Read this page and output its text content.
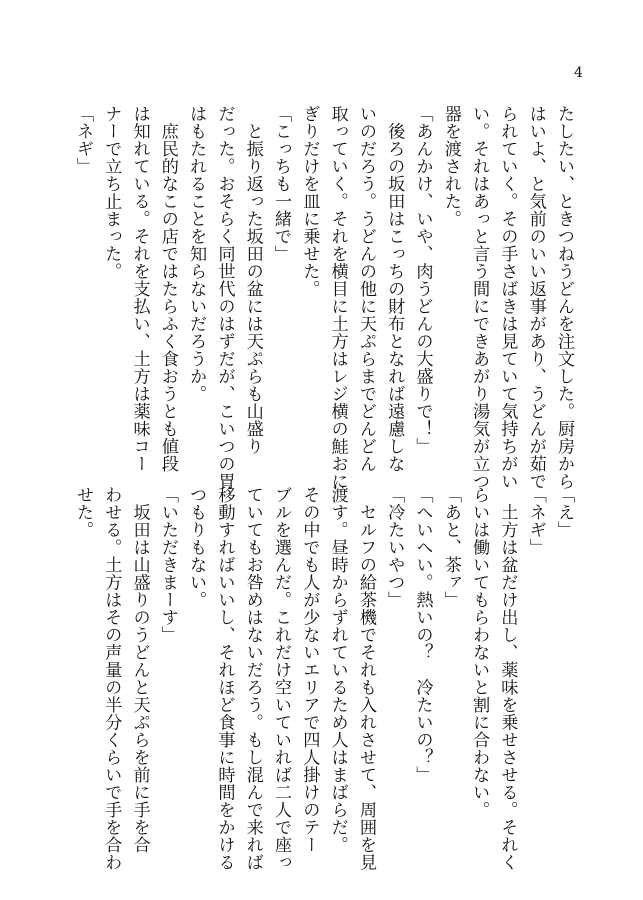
4
たしたい、ときつねうどんを注文した。厨房から
はいよ、と気前のいい返事があり、うどんが茹で
られていく。その手さばきは見ていて気持ちがい
い。それはあっと言う間にできあがり湯気が立つ
器を渡された。
「あんかけ、いや、肉うどんの大盛りで！」
　後ろの坂田はこっちの財布となれば遠慮しな
いのだろう。うどんの他に天ぷらまでどんどん
取っていく。それを横目に土方はレジ横の鮭おに
ぎりだけを皿に乗せた。
「こっちも一緒で」
　と振り返った坂田の盆には天ぷらも山盛り
だった。おそらく同世代のはずだが、こいつの胃
はもたれることを知らないだろうか。
　庶民的なこの店ではたらふく食おうとも値段
は知れている。それを支払い、土方は薬味コー
ナーで立ち止まった。
「ネギ」
「え」
「ネギ」
　土方は盆だけ出し、薬味を乗せさせる。それく
らいは働いてもらわないと割に合わない。
「あと、茶ァ」
「へいへい。熱いの？　冷たいの？」
「冷たいやつ」
　セルフの給茶機でそれも入れさせて、周囲を見
渡す。昼時からずれているため人はまばらだ。
その中でも人が少ないエリアで四人掛けのテー
ブルを選んだ。これだけ空いていれば二人で座っ
ていてもお咎めはないだろう。もし混んで来れば
移動すればいいし、それほど食事に時間をかける
つもりもない。
「いただきまーす」
　坂田は山盛りのうどんと天ぷらを前に手を合
わせる。土方はその声量の半分くらいで手を合わ
せた。
